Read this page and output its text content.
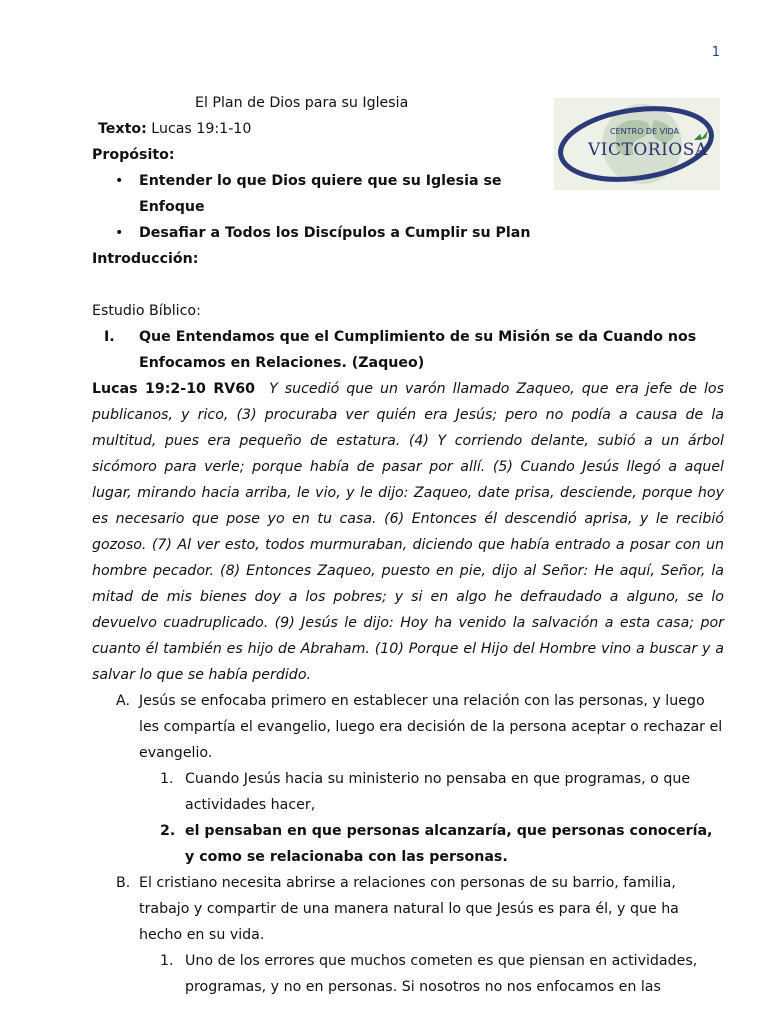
1
CENTRO DE VIDA
VICTORIOSA
El Plan de Dios para su Iglesia
Texto: Lucas 19:1-10
Propósito:
• Entender lo que Dios quiere que su Iglesia se
Enfoque
• Desafiar a Todos los Discípulos a Cumplir su Plan
Introducción:
Estudio Bíblico:
I. Que Entendamos que el Cumplimiento de su Misión se da Cuando nos
Enfocamos en Relaciones. (Zaqueo)
Lucas 19:2-10 RV60 Y sucedió que un varón llamado Zaqueo, que era jefe de los publicanos, y rico, (3) procuraba ver quién era Jesús; pero no podía a causa de la multitud, pues era pequeño de estatura. (4) Y corriendo delante, subió a un árbol sicómoro para verle; porque había de pasar por allí. (5) Cuando Jesús llegó a aquel lugar, mirando hacia arriba, le vio, y le dijo: Zaqueo, date prisa, desciende, porque hoy es necesario que pose yo en tu casa. (6) Entonces él descendió aprisa, y le recibió gozoso. (7) Al ver esto, todos murmuraban, diciendo que había entrado a posar con un hombre pecador. (8) Entonces Zaqueo, puesto en pie, dijo al Señor: He aquí, Señor, la mitad de mis bienes doy a los pobres; y si en algo he defraudado a alguno, se lo devuelvo cuadruplicado. (9) Jesús le dijo: Hoy ha venido la salvación a esta casa; por cuanto él también es hijo de Abraham. (10) Porque el Hijo del Hombre vino a buscar y a salvar lo que se había perdido.
A. Jesús se enfocaba primero en establecer una relación con las personas, y luego les compartía el evangelio, luego era decisión de la persona aceptar o rechazar el evangelio.
1. Cuando Jesús hacia su ministerio no pensaba en que programas, o que actividades hacer,
2. el pensaban en que personas alcanzaría, que personas conocería, y como se relacionaba con las personas.
B. El cristiano necesita abrirse a relaciones con personas de su barrio, familia, trabajo y compartir de una manera natural lo que Jesús es para él, y que ha hecho en su vida.
1. Uno de los errores que muchos cometen es que piensan en actividades, programas, y no en personas. Si nosotros no nos enfocamos en las
